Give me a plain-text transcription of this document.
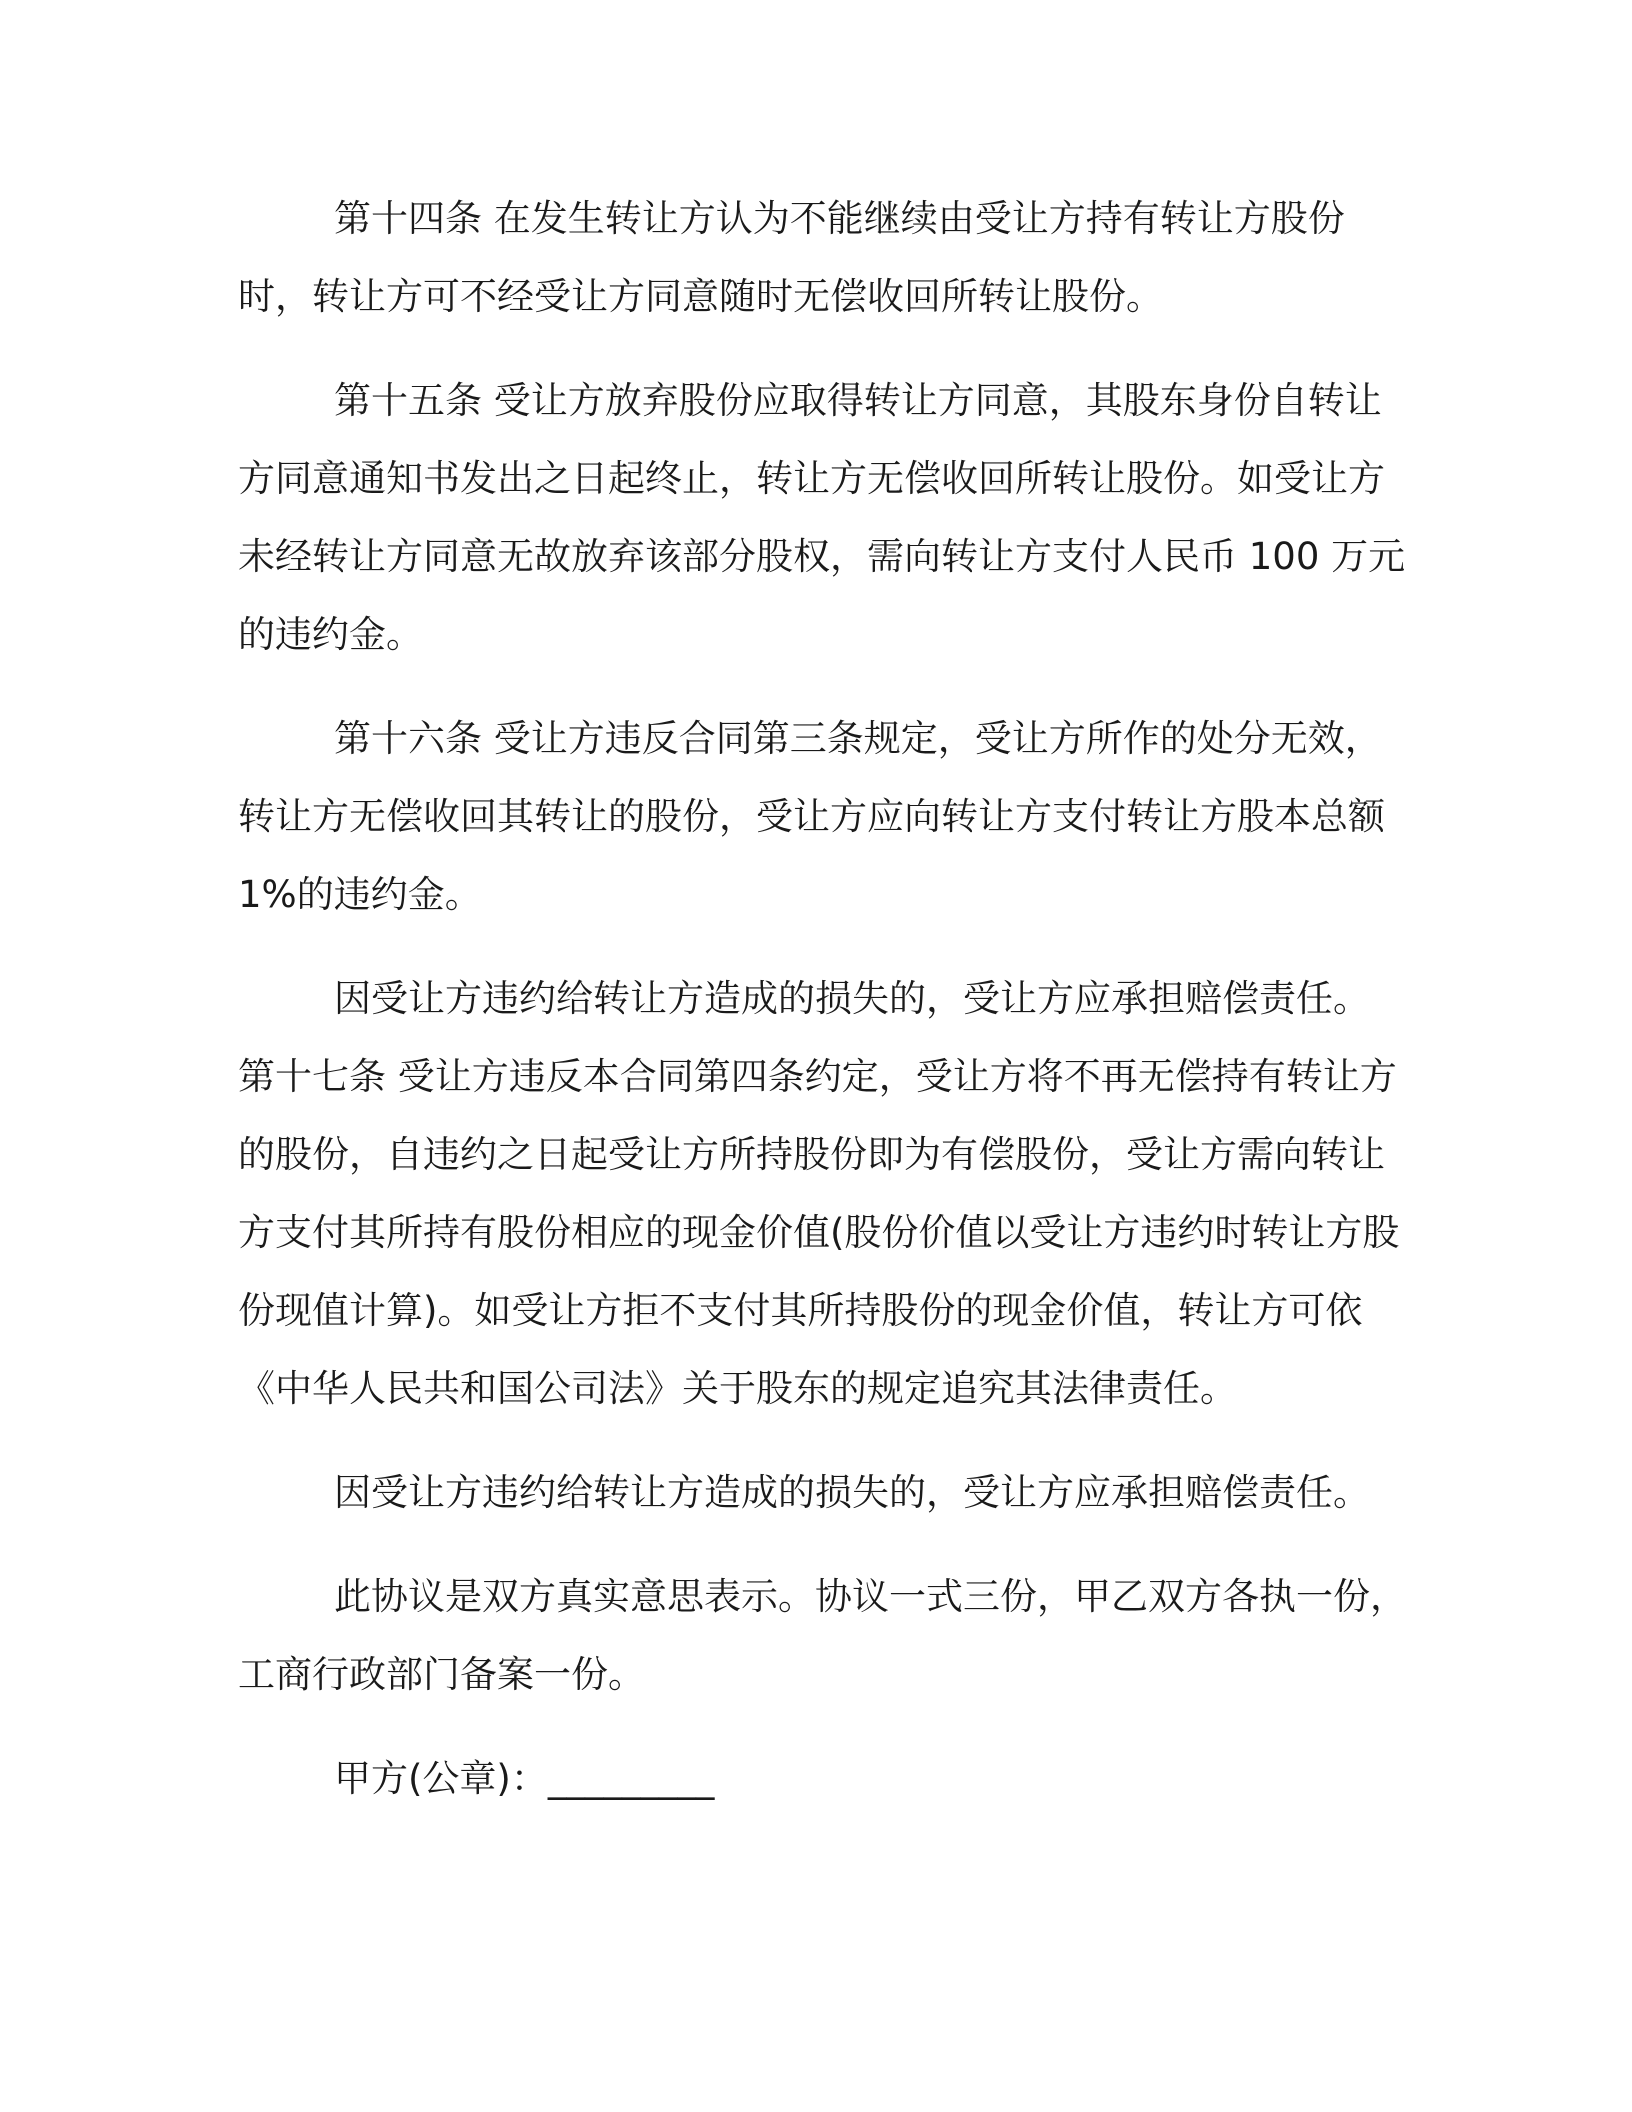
第十四条 在发生转让方认为不能继续由受让方持有转让方股份时，转让方可不经受让方同意随时无偿收回所转让股份。

第十五条 受让方放弃股份应取得转让方同意，其股东身份自转让方同意通知书发出之日起终止，转让方无偿收回所转让股份。如受让方未经转让方同意无故放弃该部分股权，需向转让方支付人民币 100 万元的违约金。

第十六条 受让方违反合同第三条规定，受让方所作的处分无效，转让方无偿收回其转让的股份，受让方应向转让方支付转让方股本总额 1%的违约金。

因受让方违约给转让方造成的损失的，受让方应承担赔偿责任。

第十七条 受让方违反本合同第四条约定，受让方将不再无偿持有转让方的股份，自违约之日起受让方所持股份即为有偿股份，受让方需向转让方支付其所持有股份相应的现金价值(股份价值以受让方违约时转让方股份现值计算)。如受让方拒不支付其所持股份的现金价值，转让方可依《中华人民共和国公司法》关于股东的规定追究其法律责任。

因受让方违约给转让方造成的损失的，受让方应承担赔偿责任。

此协议是双方真实意思表示。协议一式三份，甲乙双方各执一份，工商行政部门备案一份。

甲方(公章)：_________
